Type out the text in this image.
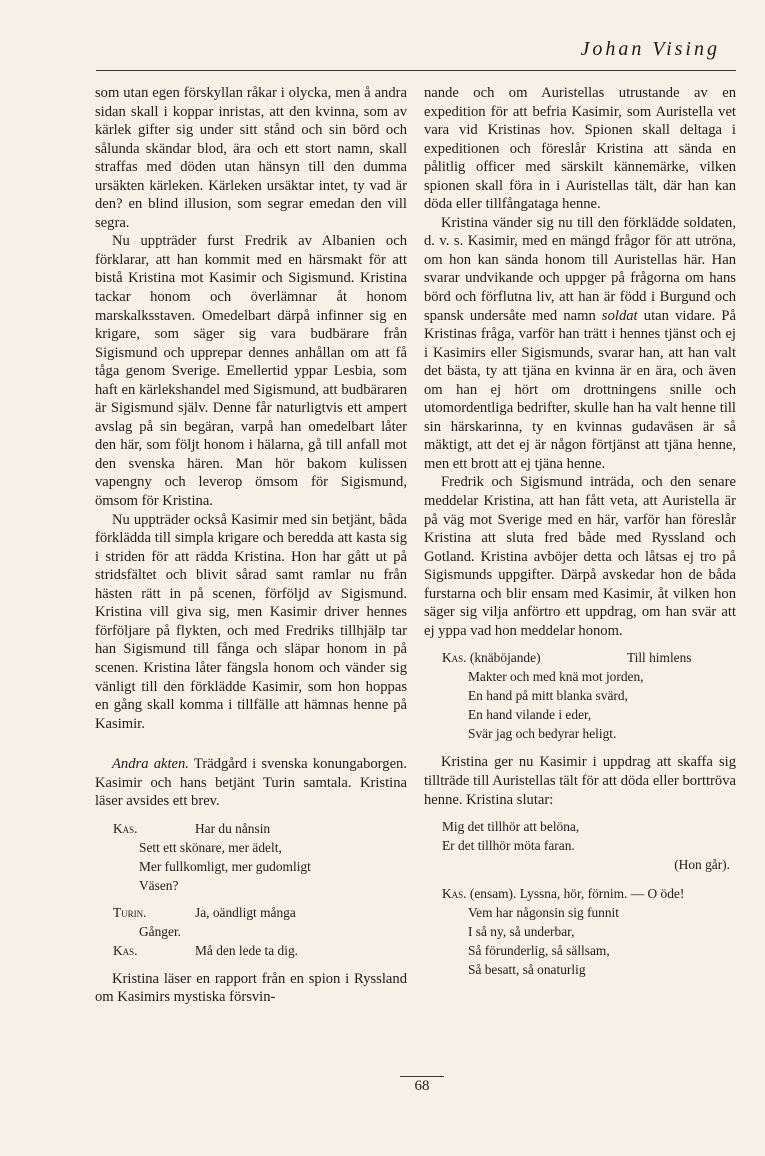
Johan Vising

som utan egen förskyllan råkar i olycka, men å andra sidan skall i koppar inristas, att den kvinna, som av kärlek gifter sig under sitt stånd och sin börd och sålunda skändar blod, ära och ett stort namn, skall straffas med döden utan hänsyn till den dumma ursäkten kärleken. Kärleken ursäktar intet, ty vad är den? en blind illusion, som segrar emedan den vill segra.

Nu uppträder furst Fredrik av Albanien och förklarar, att han kommit med en härsmakt för att bistå Kristina mot Kasimir och Sigismund. Kristina tackar honom och överlämnar åt honom marskalksstaven. Omedelbart därpå infinner sig en krigare, som säger sig vara budbärare från Sigismund och upprepar dennes anhållan om att få tåga genom Sverige. Emellertid yppar Lesbia, som haft en kärlekshandel med Sigismund, att budbäraren är Sigismund själv. Denne får naturligtvis ett ampert avslag på sin begäran, varpå han omedelbart låter den här, som följt honom i hälarna, gå till anfall mot den svenska hären. Man hör bakom kulissen vapengny och leverop ömsom för Sigismund, ömsom för Kristina.

Nu uppträder också Kasimir med sin betjänt, båda förklädda till simpla krigare och beredda att kasta sig i striden för att rädda Kristina. Hon har gått ut på stridsfältet och blivit sårad samt ramlar nu från hästen rätt in på scenen, förföljd av Sigismund. Kristina vill giva sig, men Kasimir driver hennes förföljare på flykten, och med Fredriks tillhjälp tar han Sigismund till fånga och släpar honom in på scenen. Kristina låter fängsla honom och vänder sig vänligt till den förklädde Kasimir, som hon hoppas en gång skall komma i tillfälle att hämnas henne på Kasimir.

Andra akten. Trädgård i svenska konungaborgen. Kasimir och hans betjänt Turin samtala. Kristina läser avsides ett brev.

Kas.	Har du nånsin
Sett ett skönare, mer ädelt,
Mer fullkomligt, mer gudomligt
Väsen?
Turin.	Ja, oändligt många
Gånger.
Kas.	Må den lede ta dig.

Kristina läser en rapport från en spion i Ryssland om Kasimirs mystiska försvin-

nande och om Auristellas utrustande av en expedition för att befria Kasimir, som Auristella vet vara vid Kristinas hov. Spionen skall deltaga i expeditionen och föreslår Kristina att sända en pålitlig officer med särskilt kännemärke, vilken spionen skall föra in i Auristellas tält, där han kan döda eller tillfångataga henne.

Kristina vänder sig nu till den förklädde soldaten, d. v. s. Kasimir, med en mängd frågor för att utröna, om hon kan sända honom till Auristellas här. Han svarar undvikande och uppger på frågorna om hans börd och förflutna liv, att han är född i Burgund och spansk undersåte med namn soldat utan vidare. På Kristinas fråga, varför han trätt i hennes tjänst och ej i Kasimirs eller Sigismunds, svarar han, att han valt det bästa, ty att tjäna en kvinna är en ära, och även om han ej hört om drottningens snille och utomordentliga bedrifter, skulle han ha valt henne till sin härskarinna, ty en kvinnas gudaväsen är så mäktigt, att det ej är någon förtjänst att tjäna henne, men ett brott att ej tjäna henne.

Fredrik och Sigismund inträda, och den senare meddelar Kristina, att han fått veta, att Auristella är på väg mot Sverige med en här, varför han föreslår Kristina att sluta fred både med Ryssland och Gotland. Kristina avböjer detta och låtsas ej tro på Sigismunds uppgifter. Därpå avskedar hon de båda furstarna och blir ensam med Kasimir, åt vilken hon säger sig vilja anförtro ett uppdrag, om han svär att ej yppa vad hon meddelar honom.

Kas. (knäböjande)	Till himlens
Makter och med knä mot jorden,
En hand på mitt blanka svärd,
En hand vilande i eder,
Svär jag och bedyrar heligt.

Kristina ger nu Kasimir i uppdrag att skaffa sig tillträde till Auristellas tält för att döda eller borttröva henne. Kristina slutar:

Mig det tillhör att belöna,
Er det tillhör möta faran.
(Hon går).
Kas. (ensam). Lyssna, hör, förnim. — O öde!
Vem har någonsin sig funnit
I så ny, så underbar,
Så förunderlig, så sällsam,
Så besatt, så onaturlig
68
